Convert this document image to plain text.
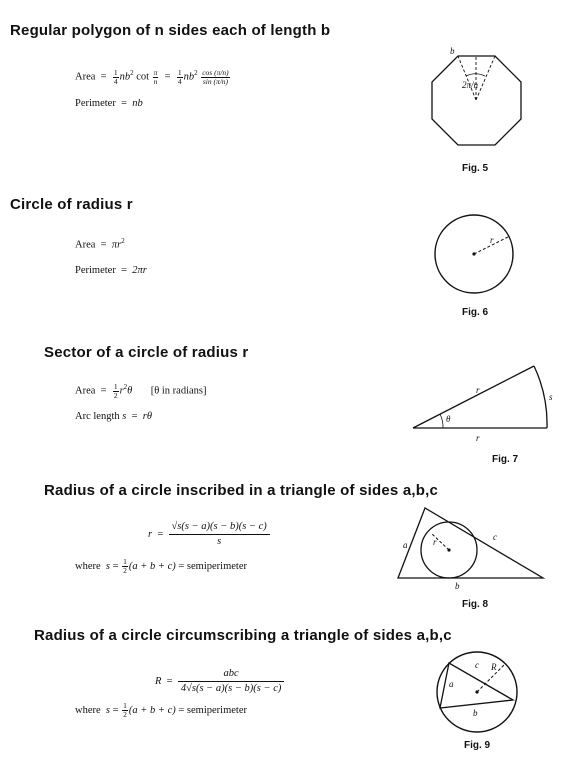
Regular polygon of n sides each of length b
Area = $\frac{1}{4} nb^2$ $\cot \frac{\pi}{n} = \frac{1}{4} nb^2 \frac{\cos (\pi/n)}{\sin (\pi/n)}$
Perimeter = nb
b
2π/n
Fig. 5
Circle of radius r
Area = $\pi r^2$
Perimeter = 2πr
r
Fig. 6
Sector of a circle of radius r
Area = $\frac{1}{2} r^2\theta$ [θ in radians]
Arc length s = rθ	θ
r
r
s
Fig. 7
Radius of a circle inscribed in a triangle of sides a,b,c
$r = \frac{√s(s - a)(s - b)(s - c)}{s}$
where $s = \frac{1}{2} (a + b + c)$ = semiperimeter
r
a
c
b
Fig. 8
Radius of a circle circumscribing a triangle of sides a,b,c
R =
abc
4√s(s − a)(s − b)(s − c)
where $s = \frac{1}{2} (a + b + c)$ = semiperimeter
R
a
c
b
Fig. 9
